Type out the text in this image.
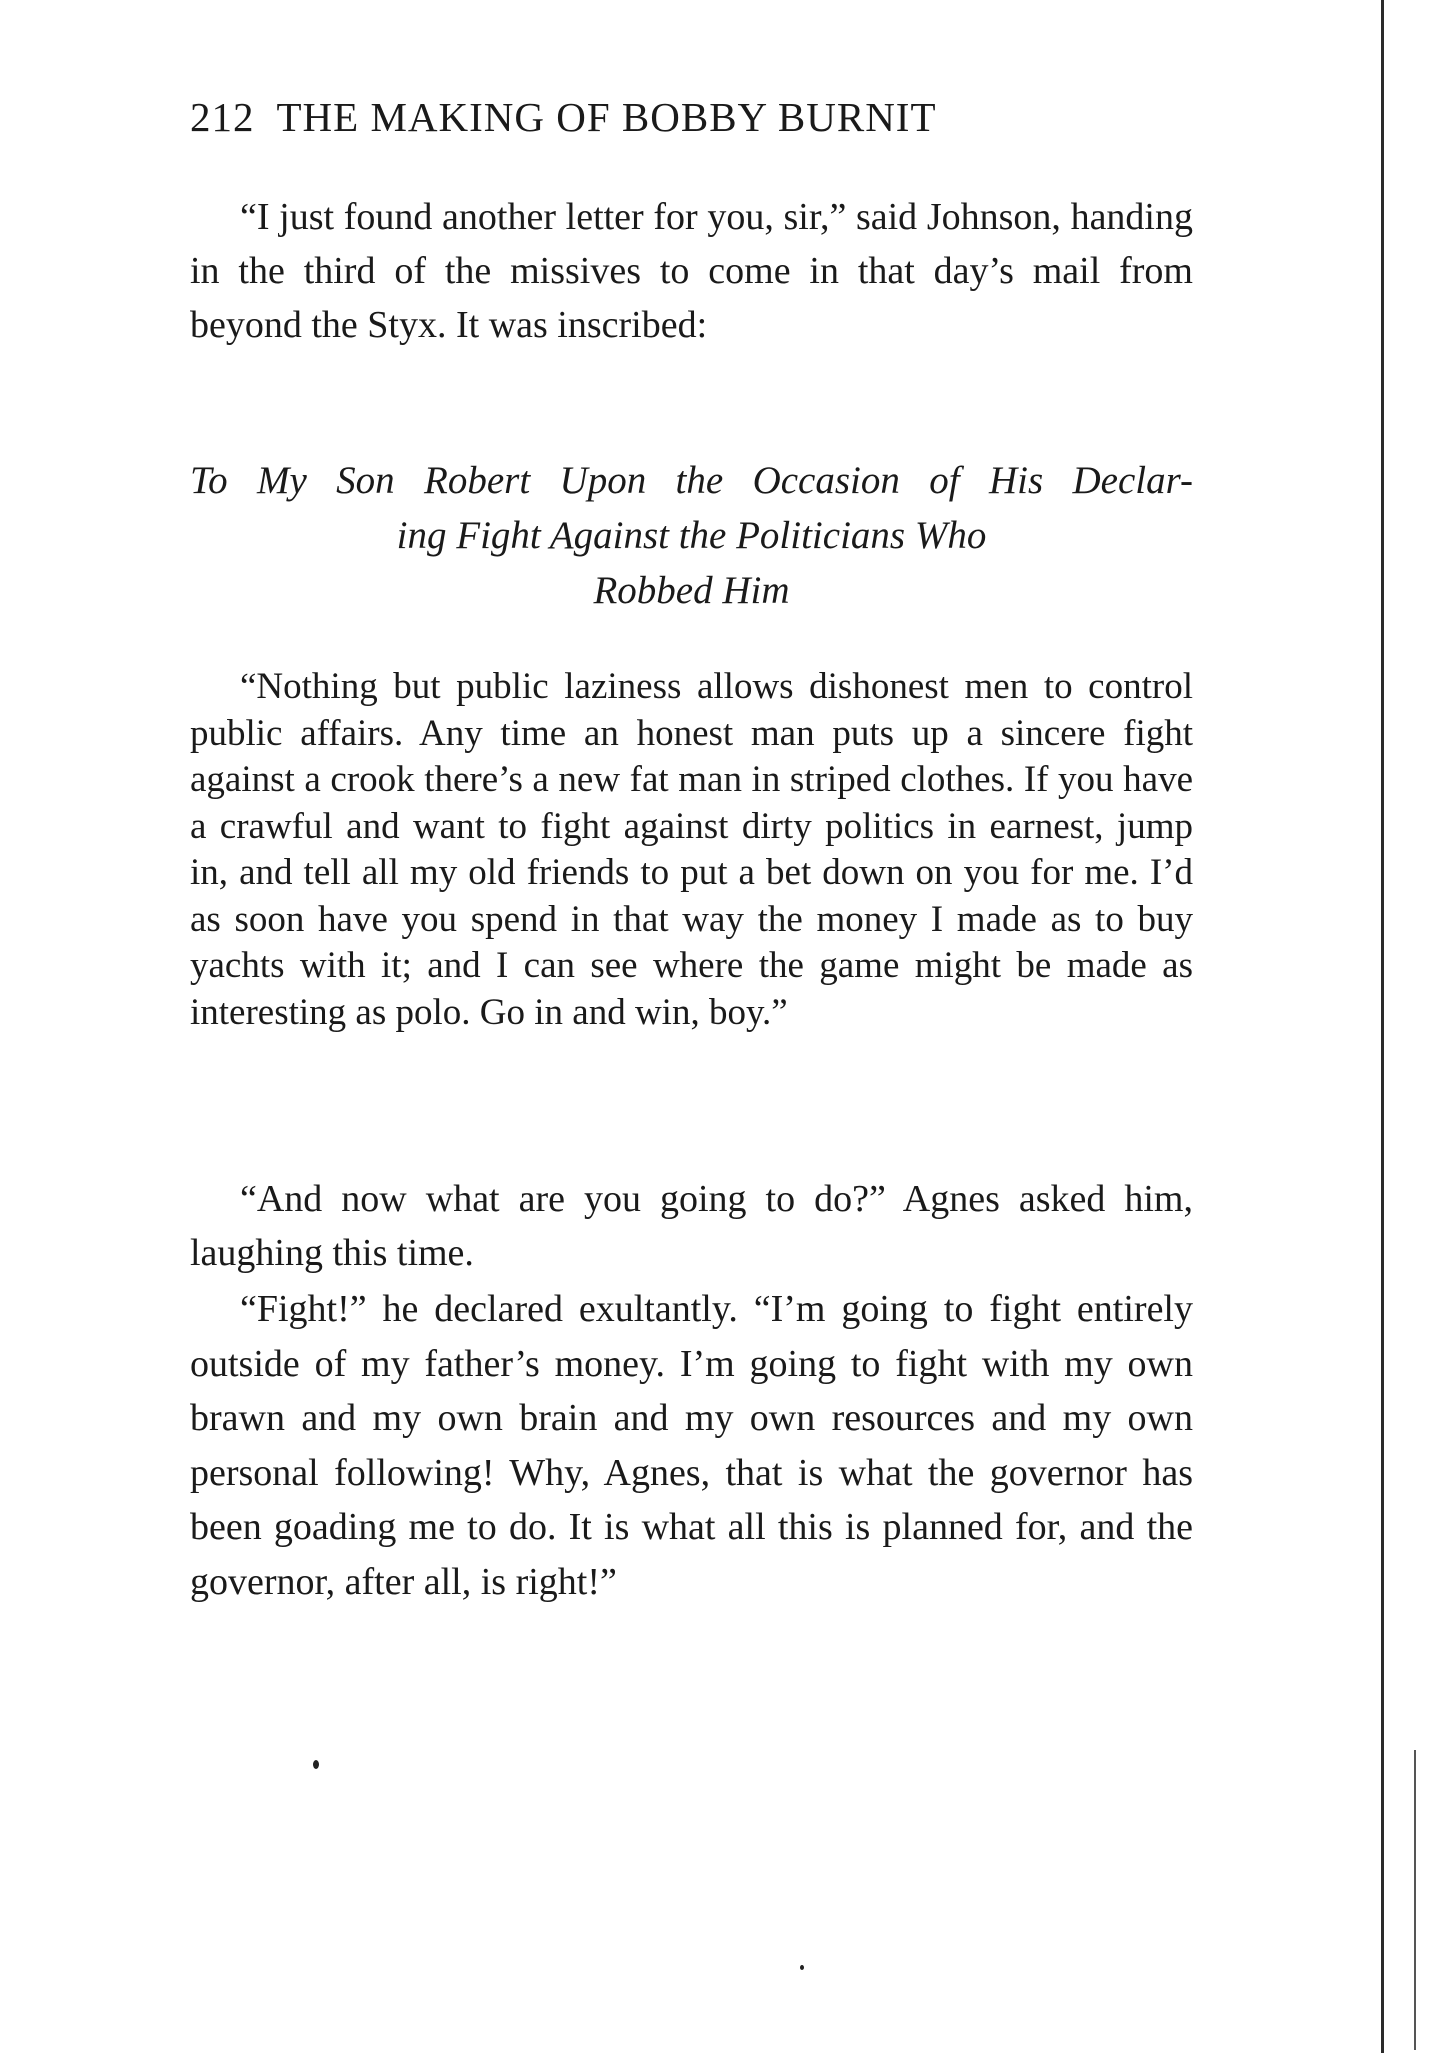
212 THE MAKING OF BOBBY BURNIT

“I just found another letter for you, sir,” said Johnson, handing in the third of the missives to come in that day’s mail from beyond the Styx. It was inscribed:

To My Son Robert Upon the Occasion of His Declar-
ing Fight Against the Politicians Who
Robbed Him

“Nothing but public laziness allows dishonest men to control public affairs. Any time an honest man puts up a sincere fight against a crook there’s a new fat man in striped clothes. If you have a crawful and want to fight against dirty politics in earnest, jump in, and tell all my old friends to put a bet down on you for me. I’d as soon have you spend in that way the money I made as to buy yachts with it; and I can see where the game might be made as interesting as polo. Go in and win, boy.”

“And now what are you going to do?” Agnes asked him, laughing this time.

“Fight!” he declared exultantly. “I’m going to fight entirely outside of my father’s money. I’m going to fight with my own brawn and my own brain and my own resources and my own personal following! Why, Agnes, that is what the governor has been goading me to do. It is what all this is planned for, and the governor, after all, is right!”
